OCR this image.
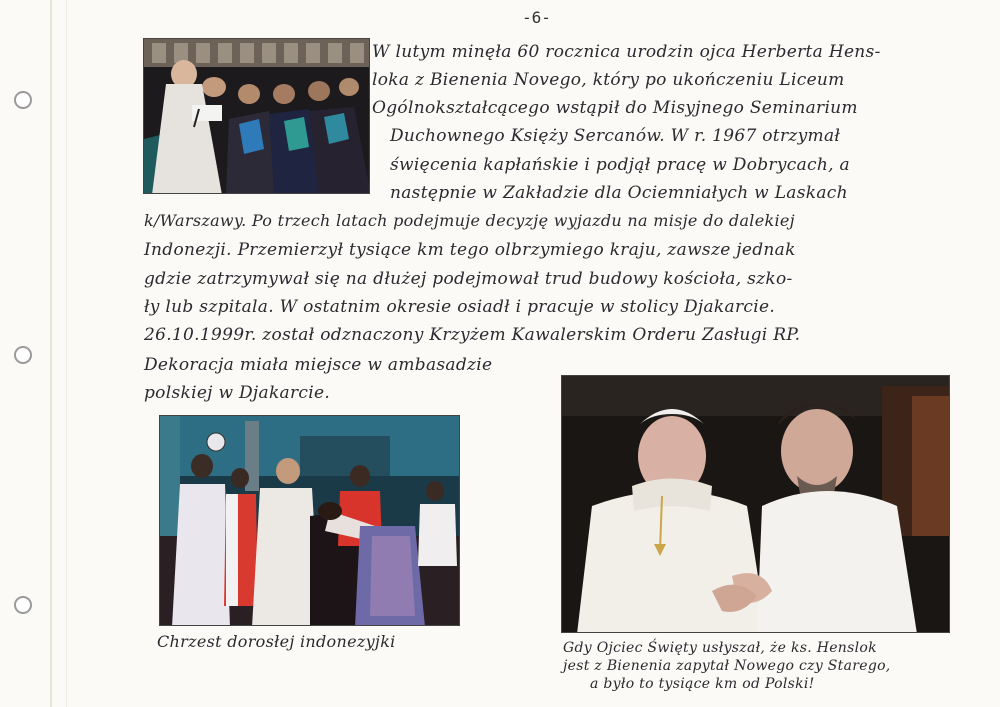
-6-
W lutym minęła 60 rocznica urodzin ojca Herberta Hens-
loka z Bienenia Novego, który po ukończeniu Liceum
Ogólnokształcącego wstąpił do Misyjnego Seminarium
Duchownego Księży Sercanów. W r. 1967 otrzymał
święcenia kapłańskie i podjął pracę w Dobrycach, a
następnie w Zakładzie dla Ociemniałych w Laskach
k/Warszawy. Po trzech latach podejmuje decyzję wyjazdu na misje do dalekiej
Indonezji. Przemierzył tysiące km tego olbrzymiego kraju, zawsze jednak
gdzie zatrzymywał się na dłużej podejmował trud budowy kościoła, szko-
ły lub szpitala. W ostatnim okresie osiadł i pracuje w stolicy Djakarcie.
26.10.1999r. został odznaczony Krzyżem Kawalerskim Orderu Zasługi RP.
Dekoracja miała miejsce w ambasadzie
polskiej w Djakarcie.
Chrzest dorosłej indonezyjki	Gdy Ojciec Święty usłyszał, że ks. Henslok
jest z Bienenia zapytał Nowego czy Starego,
a było to tysiące km od Polski!
